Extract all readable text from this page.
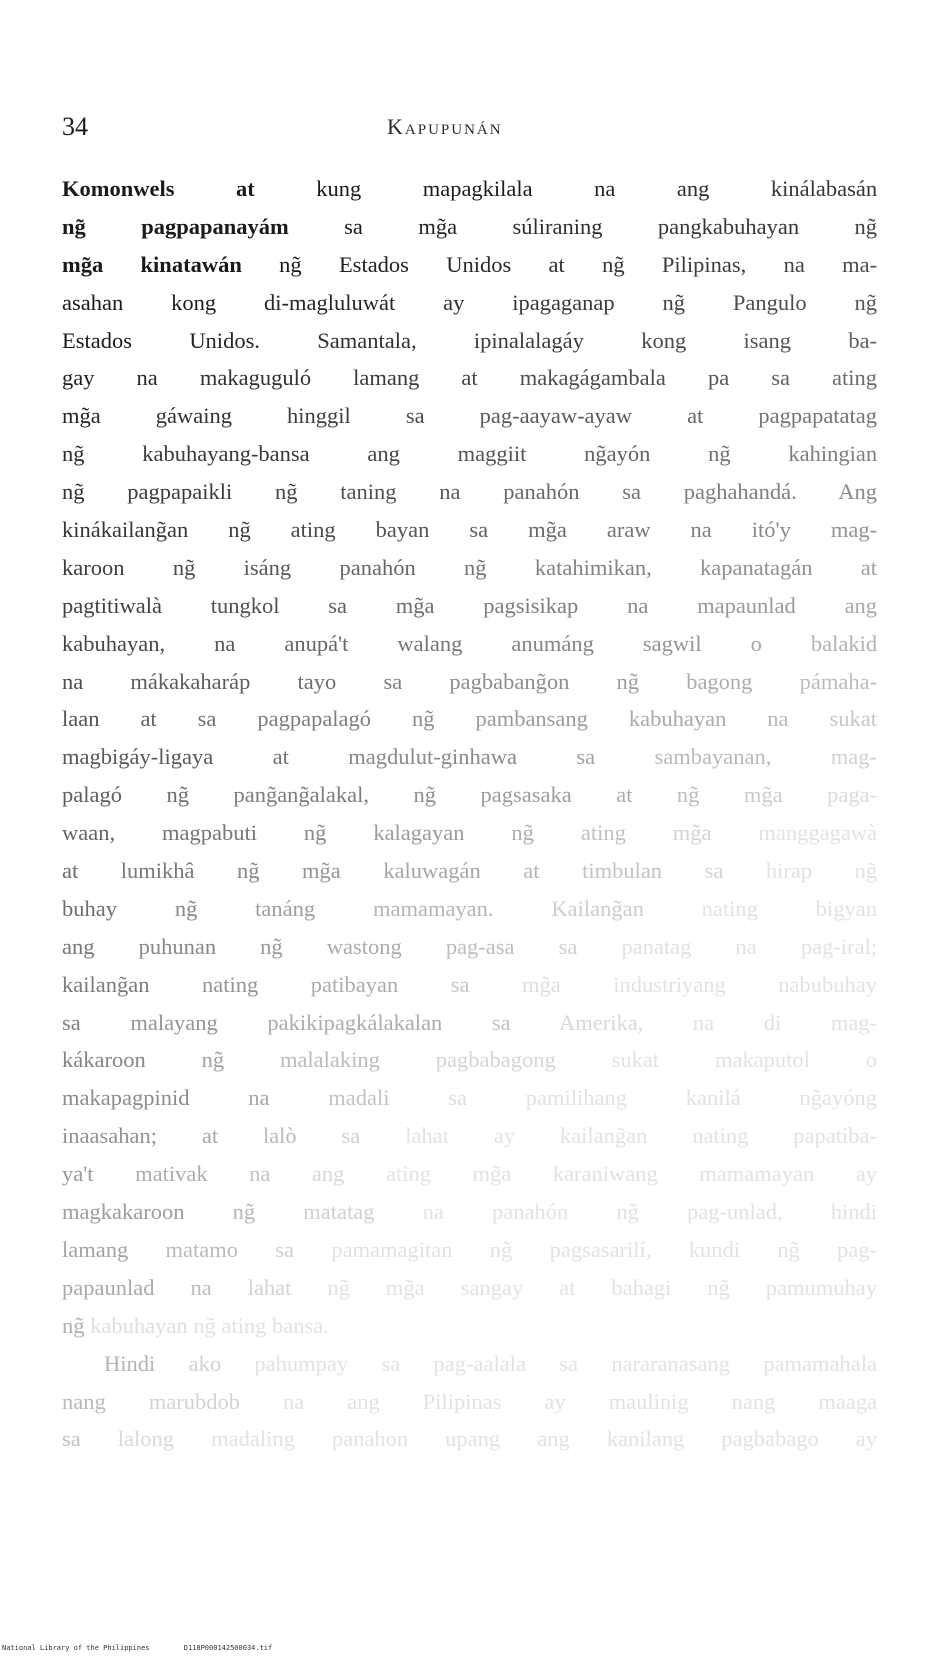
34	Kapupunán
Komonwels	at	kung	mapagkilala	na	ang	kinálabasán
ng̃ pagpapanayám sa mg̃a súliraning pangkabuhayan ng̃
mg̃a kinatawán ng̃ Estados Unidos at ng̃ Pilipinas, na ma-
asahan kong di-magluluwát ay ipagaganap ng̃ Pangulo ng̃
Estados	Unidos.	Samantala,	ipinalalagáy	kong	isang	ba-
gay na makaguguló lamang at makagágambala pa sa ating
mg̃a gáwaing hinggil sa pag-aayaw-ayaw at pagpapatatag
ng̃	kabuhayang-bansa	ang	maggiit	ng̃ayón	ng̃	kahingian
ng̃ pagpapaikli ng̃ taning na panahón sa paghahandá. Ang
kinákailang̃an ng̃ ating bayan sa mg̃a araw na itó'y mag-
karoon ng̃ isáng panahón ng̃ katahimikan, kapanatagán at
pagtitiwalà tungkol sa mg̃a pagsisikap na mapaunlad ang
kabuhayan, na anupá't walang anumáng sagwil o balakid
na mákakaharáp tayo sa pagbabang̃on ng̃ bagong pámaha-
laan at sa pagpapalagó ng̃ pambansang kabuhayan na sukat
magbigáy-ligaya	at	magdulut-ginhawa	sa	sambayanan,	mag-
palagó ng̃ pang̃ang̃alakal, ng̃ pagsasaka at ng̃ mg̃a paga-
waan, magpabuti ng̃ kalagayan ng̃ ating mg̃a manggagawà
at lumikhâ ng̃ mg̃a kaluwagán at timbulan sa hirap ng̃
buhay	ng̃	tanáng	mamamayan.	Kailang̃an	nating	bigyan
ang puhunan ng̃ wastong pag-asa sa panatag na pag-iral;
kailang̃an nating patibayan sa mg̃a industriyang nabubuhay
sa malayang pakikipagkálakalan sa Amerika, na di mag-
kákaroon ng̃ malalaking pagbabagong sukat makaputol o
makapagpinid	na	madali	sa	pamilihang	kanilá	ng̃ayóng
inaasahan; at lalò sa lahat ay kailang̃an nating papatiba-
ya't mativak na ang ating mg̃a karaniwang mamamayan ay
magkakaroon ng̃ matatag na panahón ng̃ pag-unlad, hindi
lamang matamo sa pamamagitan ng̃ pagsasarilí, kundi ng̃ pag-
papaunlad na lahat ng̃ mg̃a sangay at bahagi ng̃ pamumuhay
ng̃ kabuhayan ng̃ ating bansa.
Hindi ako pahumpay sa pag-aalala sa nararanasang pamamahala
nang marubdob na ang Pilipinas ay maulinig nang maaga
sa lalong madaling panahon upang ang kanilang pagbabago ay
National Library of the Philippines	D118P000142500034.tif
